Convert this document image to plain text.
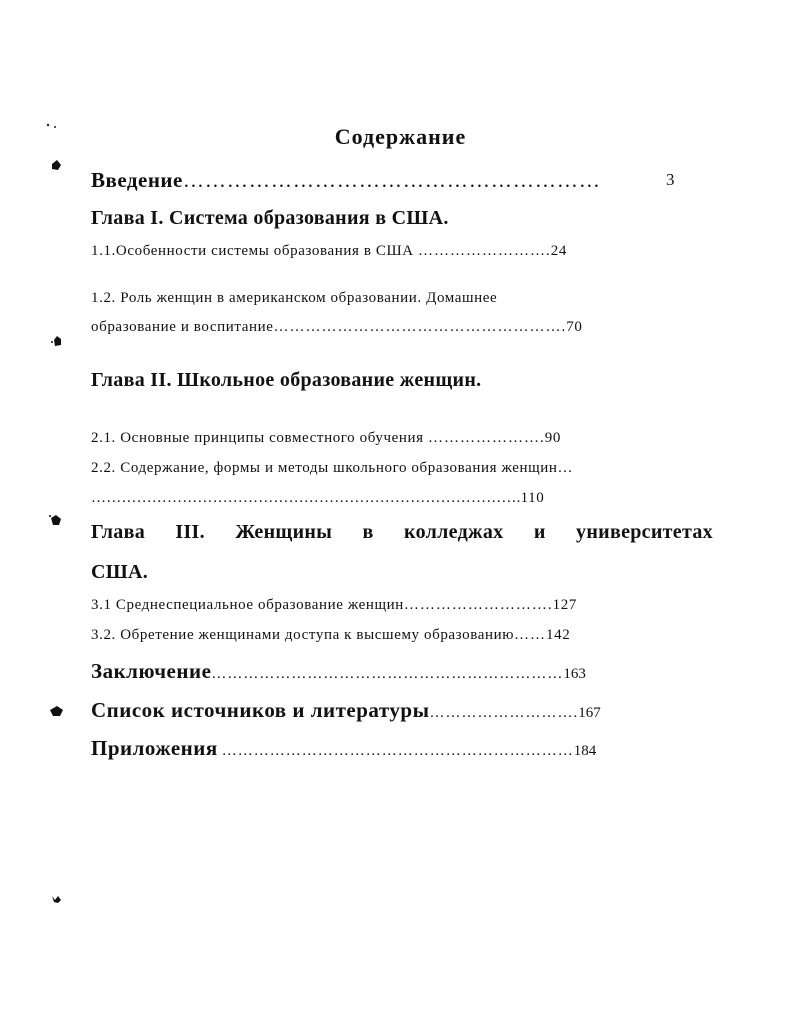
Содержание
Введение…………………………………………………	3
Глава I. Система образования в США.
1.1.Особенности системы образования в США …………………….24
1.2. Роль женщин в американском образовании. Домашнее
образование и воспитание……………………………………………….70
Глава II. Школьное образование женщин.
2.1. Основные принципы совместного обучения ………………….90
2.2. Содержание, формы и методы школьного образования женщин…
………………………………………………………………………….110
Глава III. Женщины в колледжах и университетах
США.
3.1 Среднеспециальное образование женщин……………………….127
3.2. Обретение женщинами доступа к высшему образованию……142
Заключение…………………………………………………………163
Список источников и литературы……………………….167
Приложения …………………………………………………………184
